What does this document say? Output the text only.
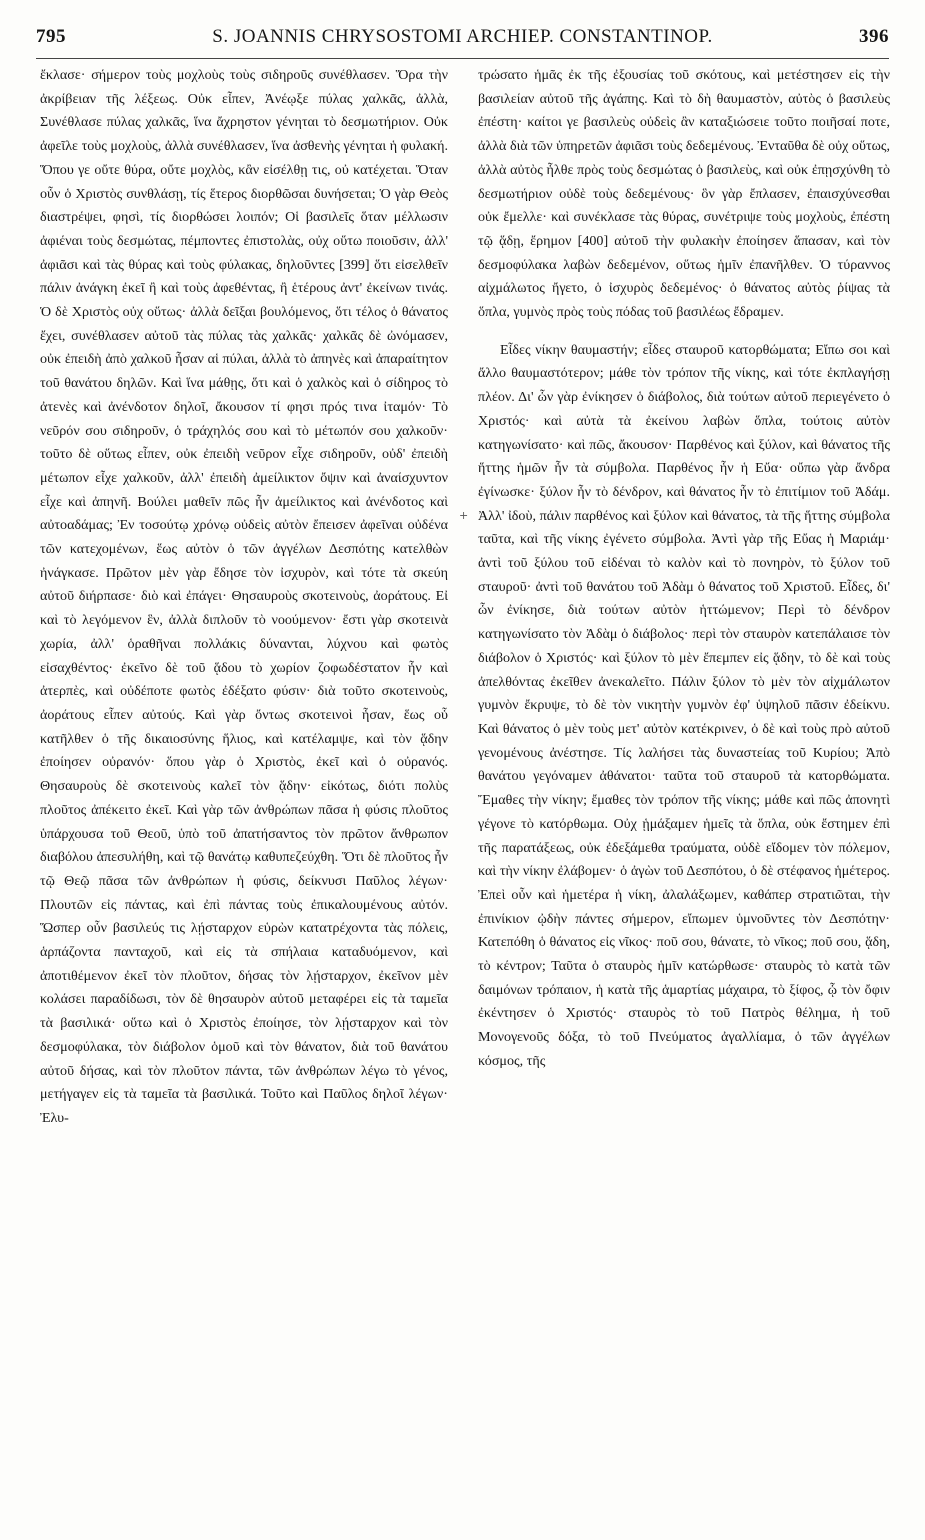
795	S. JOANNIS CHRYSOSTOMI ARCHIEP. CONSTANTINOP.	396

ἔκλασε· σήμερον τοὺς μοχλοὺς τοὺς σιδηροῦς συνέθλασεν. Ὅρα τὴν ἀκρίβειαν τῆς λέξεως. Οὐκ εἶπεν, Ἀνέῳξε πύλας χαλκᾶς, ἀλλὰ, Συνέθλασε πύλας χαλκᾶς, ἵνα ἄχρηστον γένηται τὸ δεσμωτήριον. Οὐκ ἀφεῖλε τοὺς μοχλοὺς, ἀλλὰ συνέθλασεν, ἵνα ἀσθενὴς γένηται ἡ φυλακή. Ὅπου γε οὔτε θύρα, οὔτε μοχλὸς, κἂν εἰσέλθῃ τις, οὐ κατέχεται. Ὅταν οὖν ὁ Χριστὸς συνθλάσῃ, τίς ἕτερος διορθῶσαι δυνήσεται; Ὁ γὰρ Θεὸς διαστρέψει, φησὶ, τίς διορθώσει λοιπόν; Οἱ βασιλεῖς ὅταν μέλλωσιν ἀφιέναι τοὺς δεσμώτας, πέμποντες ἐπιστολὰς, οὐχ οὕτω ποιοῦσιν, ἀλλ' ἀφιᾶσι καὶ τὰς θύρας καὶ τοὺς φύλακας, δηλοῦντες [399] ὅτι εἰσελθεῖν πάλιν ἀνάγκη ἐκεῖ ἢ καὶ τοὺς ἀφεθέντας, ἢ ἑτέρους ἀντ' ἐκείνων τινάς. Ὁ δὲ Χριστὸς οὐχ οὕτως· ἀλλὰ δεῖξαι βουλόμενος, ὅτι τέλος ὁ θάνατος ἔχει, συνέθλασεν αὐτοῦ τὰς πύλας τὰς χαλκᾶς· χαλκᾶς δὲ ὠνόμασεν, οὐκ ἐπειδὴ ἀπὸ χαλκοῦ ἦσαν αἱ πύλαι, ἀλλὰ τὸ ἀπηνὲς καὶ ἀπαραίτητον τοῦ θανάτου δηλῶν. Καὶ ἵνα μάθῃς, ὅτι καὶ ὁ χαλκὸς καὶ ὁ σίδηρος τὸ ἀτενὲς καὶ ἀνένδοτον δηλοῖ, ἄκουσον τί φησι πρός τινα ἰταμόν· Τὸ νεῦρόν σου σιδηροῦν, ὁ τράχηλός σου καὶ τὸ μέτωπόν σου χαλκοῦν· τοῦτο δὲ οὕτως εἶπεν, οὐκ ἐπειδὴ νεῦρον εἶχε σιδηροῦν, οὐδ' ἐπειδὴ μέτωπον εἶχε χαλκοῦν, ἀλλ' ἐπειδὴ ἀμείλικτον ὄψιν καὶ ἀναίσχυντον εἶχε καὶ ἀπηνῆ. Βούλει μαθεῖν πῶς ἦν ἀμείλικτος καὶ ἀνένδοτος καὶ αὐτοαδάμας; Ἐν τοσούτῳ χρόνῳ οὐδεὶς αὐτὸν ἔπεισεν ἀφεῖναι οὐδένα τῶν κατεχομένων, ἕως αὐτὸν ὁ τῶν ἀγγέλων Δεσπότης κατελθὼν ἠνάγκασε. Πρῶτον μὲν γὰρ ἔδησε τὸν ἰσχυρὸν, καὶ τότε τὰ σκεύη αὐτοῦ διήρπασε· διὸ καὶ ἐπάγει· Θησαυροὺς σκοτεινοὺς, ἀοράτους. Εἰ καὶ τὸ λεγόμενον ἓν, ἀλλὰ διπλοῦν τὸ νοούμενον· ἔστι γὰρ σκοτεινὰ χωρία, ἀλλ' ὁραθῆναι πολλάκις δύνανται, λύχνου καὶ φωτὸς εἰσαχθέντος· ἐκεῖνο δὲ τοῦ ᾅδου τὸ χωρίον ζοφωδέστατον ἦν καὶ ἀτερπὲς, καὶ οὐδέποτε φωτὸς ἐδέξατο φύσιν· διὰ τοῦτο σκοτεινοὺς, ἀοράτους εἶπεν αὐτούς. Καὶ γὰρ ὄντως σκοτεινοὶ ἦσαν, ἕως οὗ κατῆλθεν ὁ τῆς δικαιοσύνης ἥλιος, καὶ κατέλαμψε, καὶ τὸν ᾅδην ἐποίησεν οὐρανόν· ὅπου γὰρ ὁ Χριστὸς, ἐκεῖ καὶ ὁ οὐρανός. Θησαυροὺς δὲ σκοτεινοὺς καλεῖ τὸν ᾅδην· εἰκότως, διότι πολὺς πλοῦτος ἀπέκειτο ἐκεῖ. Καὶ γὰρ τῶν ἀνθρώπων πᾶσα ἡ φύσις πλοῦτος ὑπάρχουσα τοῦ Θεοῦ, ὑπὸ τοῦ ἀπατήσαντος τὸν πρῶτον ἄνθρωπον διαβόλου ἀπεσυλήθη, καὶ τῷ θανάτῳ καθυπεζεύχθη. Ὅτι δὲ πλοῦτος ἦν τῷ Θεῷ πᾶσα τῶν ἀνθρώπων ἡ φύσις, δείκνυσι Παῦλος λέγων· Πλουτῶν εἰς πάντας, καὶ ἐπὶ πάντας τοὺς ἐπικαλουμένους αὐτόν. Ὥσπερ οὖν βασιλεύς τις λῄσταρχον εὑρὼν κατατρέχοντα τὰς πόλεις, ἁρπάζοντα πανταχοῦ, καὶ εἰς τὰ σπήλαια καταδυόμενον, καὶ ἀποτιθέμενον ἐκεῖ τὸν πλοῦτον, δήσας τὸν λῄσταρχον, ἐκεῖνον μὲν κολάσει παραδίδωσι, τὸν δὲ θησαυρὸν αὐτοῦ μεταφέρει εἰς τὰ ταμεῖα τὰ βασιλικά· οὕτω καὶ ὁ Χριστὸς ἐποίησε, τὸν λῄσταρχον καὶ τὸν δεσμοφύλακα, τὸν διάβολον ὁμοῦ καὶ τὸν θάνατον, διὰ τοῦ θανάτου αὐτοῦ δήσας, καὶ τὸν πλοῦτον πάντα, τῶν ἀνθρώπων λέγω τὸ γένος, μετήγαγεν εἰς τὰ ταμεῖα τὰ βασιλικά. Τοῦτο καὶ Παῦλος δηλοῖ λέγων· Ἐλυ-

+

τρώσατο ἡμᾶς ἐκ τῆς ἐξουσίας τοῦ σκότους, καὶ μετέστησεν εἰς τὴν βασιλείαν αὐτοῦ τῆς ἀγάπης. Καὶ τὸ δὴ θαυμαστὸν, αὐτὸς ὁ βασιλεὺς ἐπέστη· καίτοι γε βασιλεὺς οὐδεὶς ἂν καταξιώσειε τοῦτο ποιῆσαί ποτε, ἀλλὰ διὰ τῶν ὑπηρετῶν ἀφιᾶσι τοὺς δεδεμένους. Ἐνταῦθα δὲ οὐχ οὕτως, ἀλλὰ αὐτὸς ἦλθε πρὸς τοὺς δεσμώτας ὁ βασιλεὺς, καὶ οὐκ ἐπῃσχύνθη τὸ δεσμωτήριον οὐδὲ τοὺς δεδεμένους· ὃν γὰρ ἔπλασεν, ἐπαισχύνεσθαι οὐκ ἔμελλε· καὶ συνέκλασε τὰς θύρας, συνέτριψε τοὺς μοχλοὺς, ἐπέστη τῷ ᾅδῃ, ἔρημον [400] αὐτοῦ τὴν φυλακὴν ἐποίησεν ἅπασαν, καὶ τὸν δεσμοφύλακα λαβὼν δεδεμένον, οὕτως ἡμῖν ἐπανῆλθεν. Ὁ τύραννος αἰχμάλωτος ἤγετο, ὁ ἰσχυρὸς δεδεμένος· ὁ θάνατος αὐτὸς ῥίψας τὰ ὅπλα, γυμνὸς πρὸς τοὺς πόδας τοῦ βασιλέως ἔδραμεν.

Εἶδες νίκην θαυμαστήν; εἶδες σταυροῦ κατορθώματα; Εἴπω σοι καὶ ἄλλο θαυμαστότερον; μάθε τὸν τρόπον τῆς νίκης, καὶ τότε ἐκπλαγήσῃ πλέον. Δι' ὧν γὰρ ἐνίκησεν ὁ διάβολος, διὰ τούτων αὐτοῦ περιεγένετο ὁ Χριστός· καὶ αὐτὰ τὰ ἐκείνου λαβὼν ὅπλα, τούτοις αὐτὸν κατηγωνίσατο· καὶ πῶς, ἄκουσον· Παρθένος καὶ ξύλον, καὶ θάνατος τῆς ἥττης ἡμῶν ἦν τὰ σύμβολα. Παρθένος ἦν ἡ Εὔα· οὔπω γὰρ ἄνδρα ἐγίνωσκε· ξύλον ἦν τὸ δένδρον, καὶ θάνατος ἦν τὸ ἐπιτίμιον τοῦ Ἀδάμ. Ἀλλ' ἰδοὺ, πάλιν παρθένος καὶ ξύλον καὶ θάνατος, τὰ τῆς ἥττης σύμβολα ταῦτα, καὶ τῆς νίκης ἐγένετο σύμβολα. Ἀντὶ γὰρ τῆς Εὔας ἡ Μαριάμ· ἀντὶ τοῦ ξύλου τοῦ εἰδέναι τὸ καλὸν καὶ τὸ πονηρὸν, τὸ ξύλον τοῦ σταυροῦ· ἀντὶ τοῦ θανάτου τοῦ Ἀδὰμ ὁ θάνατος τοῦ Χριστοῦ. Εἶδες, δι' ὧν ἐνίκησε, διὰ τούτων αὐτὸν ἡττώμενον; Περὶ τὸ δένδρον κατηγωνίσατο τὸν Ἀδὰμ ὁ διάβολος· περὶ τὸν σταυρὸν κατεπάλαισε τὸν διάβολον ὁ Χριστός· καὶ ξύλον τὸ μὲν ἔπεμπεν εἰς ᾅδην, τὸ δὲ καὶ τοὺς ἀπελθόντας ἐκεῖθεν ἀνεκαλεῖτο. Πάλιν ξύλον τὸ μὲν τὸν αἰχμάλωτον γυμνὸν ἔκρυψε, τὸ δὲ τὸν νικητὴν γυμνὸν ἐφ' ὑψηλοῦ πᾶσιν ἐδείκνυ. Καὶ θάνατος ὁ μὲν τοὺς μετ' αὐτὸν κατέκρινεν, ὁ δὲ καὶ τοὺς πρὸ αὐτοῦ γενομένους ἀνέστησε. Τίς λαλήσει τὰς δυναστείας τοῦ Κυρίου; Ἀπὸ θανάτου γεγόναμεν ἀθάνατοι· ταῦτα τοῦ σταυροῦ τὰ κατορθώματα. Ἔμαθες τὴν νίκην; ἔμαθες τὸν τρόπον τῆς νίκης; μάθε καὶ πῶς ἀπονητὶ γέγονε τὸ κατόρθωμα. Οὐχ ᾑμάξαμεν ἡμεῖς τὰ ὅπλα, οὐκ ἔστημεν ἐπὶ τῆς παρατάξεως, οὐκ ἐδεξάμεθα τραύματα, οὐδὲ εἴδομεν τὸν πόλεμον, καὶ τὴν νίκην ἐλάβομεν· ὁ ἀγὼν τοῦ Δεσπότου, ὁ δὲ στέφανος ἡμέτερος. Ἐπεὶ οὖν καὶ ἡμετέρα ἡ νίκη, ἀλαλάξωμεν, καθάπερ στρατιῶται, τὴν ἐπινίκιον ᾠδὴν πάντες σήμερον, εἴπωμεν ὑμνοῦντες τὸν Δεσπότην· Κατεπόθη ὁ θάνατος εἰς νῖκος· ποῦ σου, θάνατε, τὸ νῖκος; ποῦ σου, ᾅδη, τὸ κέντρον; Ταῦτα ὁ σταυρὸς ἡμῖν κατώρθωσε· σταυρὸς τὸ κατὰ τῶν δαιμόνων τρόπαιον, ἡ κατὰ τῆς ἁμαρτίας μάχαιρα, τὸ ξίφος, ᾧ τὸν ὄφιν ἐκέντησεν ὁ Χριστός· σταυρὸς τὸ τοῦ Πατρὸς θέλημα, ἡ τοῦ Μονογενοῦς δόξα, τὸ τοῦ Πνεύματος ἀγαλλίαμα, ὁ τῶν ἀγγέλων κόσμος, τῆς
